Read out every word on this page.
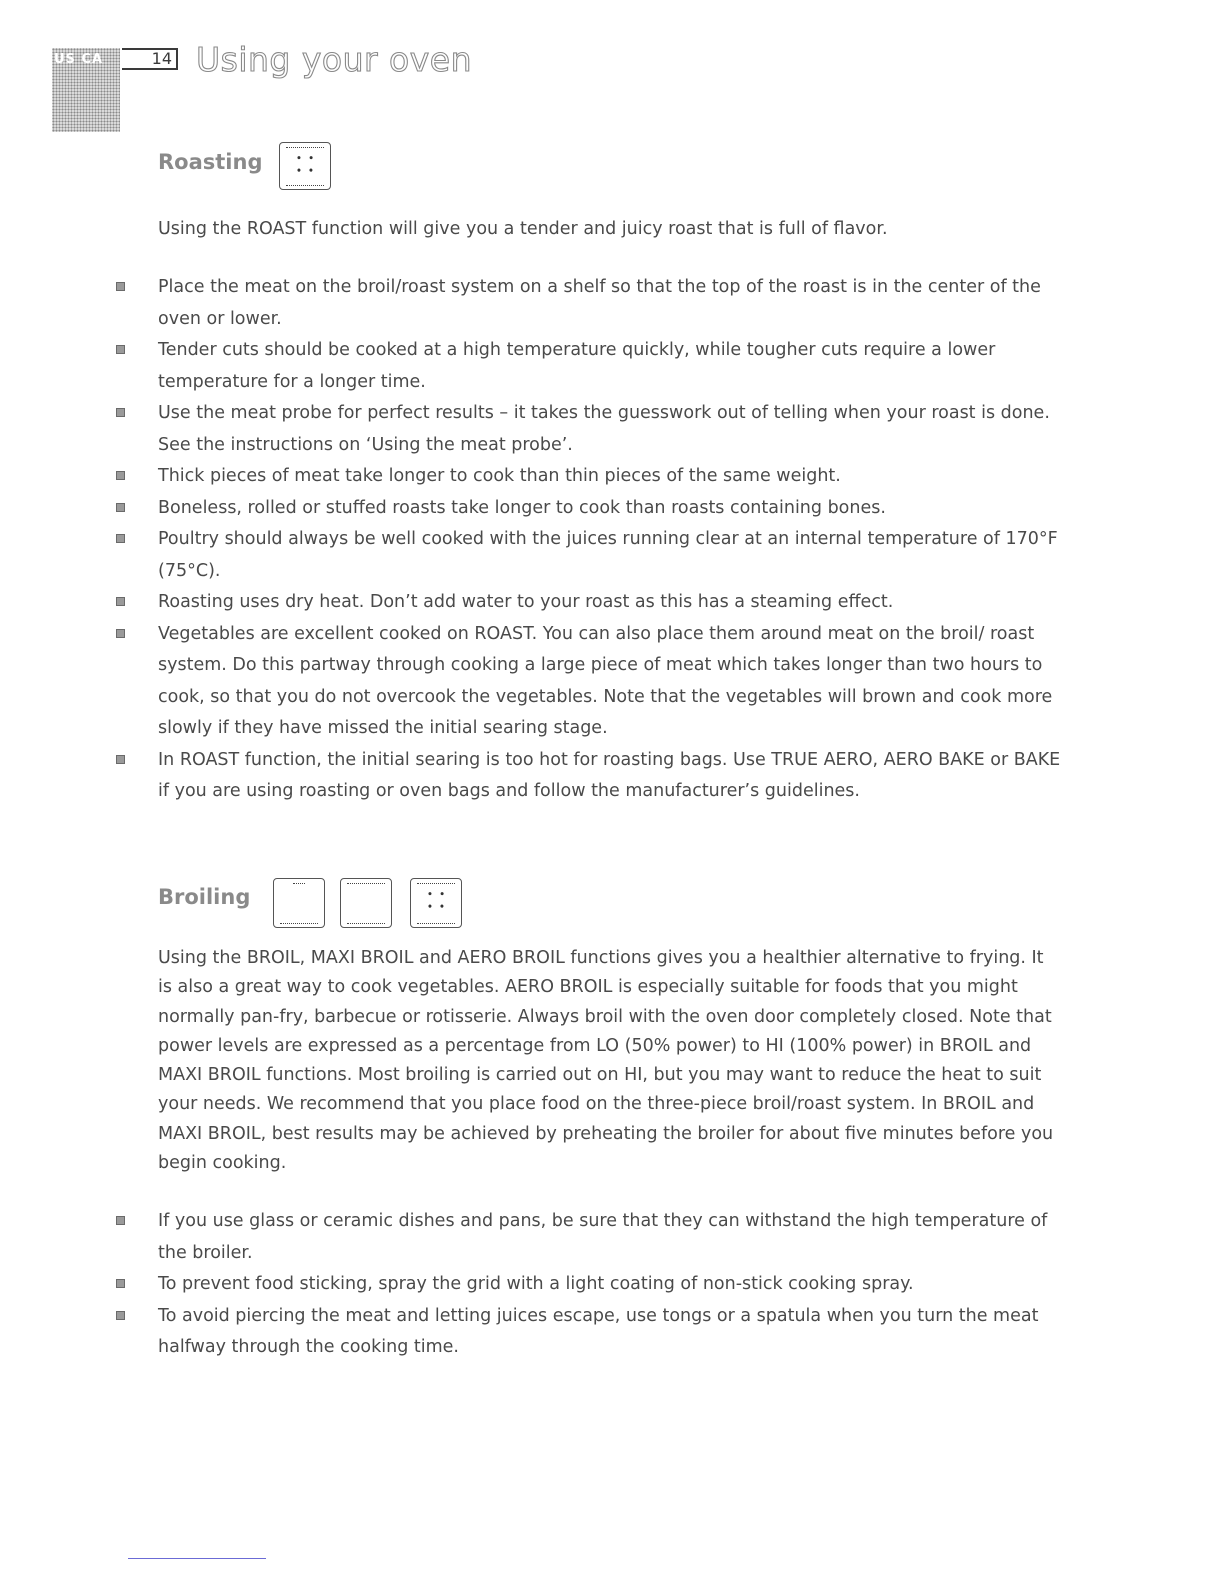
US CA	14 Using your oven
Roasting	⸬
Using the ROAST function will give you a tender and juicy roast that is full of flavor.
Place the meat on the broil/roast system on a shelf so that the top of the roast is in the center of the oven or lower.
Tender cuts should be cooked at a high temperature quickly, while tougher cuts require a lower temperature for a longer time.
Use the meat probe for perfect results – it takes the guesswork out of telling when your roast is done. See the instructions on ‘Using the meat probe’.
Thick pieces of meat take longer to cook than thin pieces of the same weight.
Boneless, rolled or stuffed roasts take longer to cook than roasts containing bones.
Poultry should always be well cooked with the juices running clear at an internal temperature of 170°F (75°C).
Roasting uses dry heat. Don’t add water to your roast as this has a steaming effect.
Vegetables are excellent cooked on ROAST. You can also place them around meat on the broil/ roast system. Do this partway through cooking a large piece of meat which takes longer than two hours to cook, so that you do not overcook the vegetables. Note that the vegetables will brown and cook more slowly if they have missed the initial searing stage.
In ROAST function, the initial searing is too hot for roasting bags. Use TRUE AERO, AERO BAKE or BAKE if you are using roasting or oven bags and follow the manufacturer’s guidelines.
Broiling	⸬
Using the BROIL, MAXI BROIL and AERO BROIL functions gives you a healthier alternative to frying. It is also a great way to cook vegetables. AERO BROIL is especially suitable for foods that you might normally pan-fry, barbecue or rotisserie. Always broil with the oven door completely closed. Note that power levels are expressed as a percentage from LO (50% power) to HI (100% power) in BROIL and MAXI BROIL functions. Most broiling is carried out on HI, but you may want to reduce the heat to suit your needs. We recommend that you place food on the three-piece broil/roast system. In BROIL and MAXI BROIL, best results may be achieved by preheating the broiler for about five minutes before you begin cooking.
If you use glass or ceramic dishes and pans, be sure that they can withstand the high temperature of the broiler.
To prevent food sticking, spray the grid with a light coating of non-stick cooking spray.
To avoid piercing the meat and letting juices escape, use tongs or a spatula when you turn the meat halfway through the cooking time.
